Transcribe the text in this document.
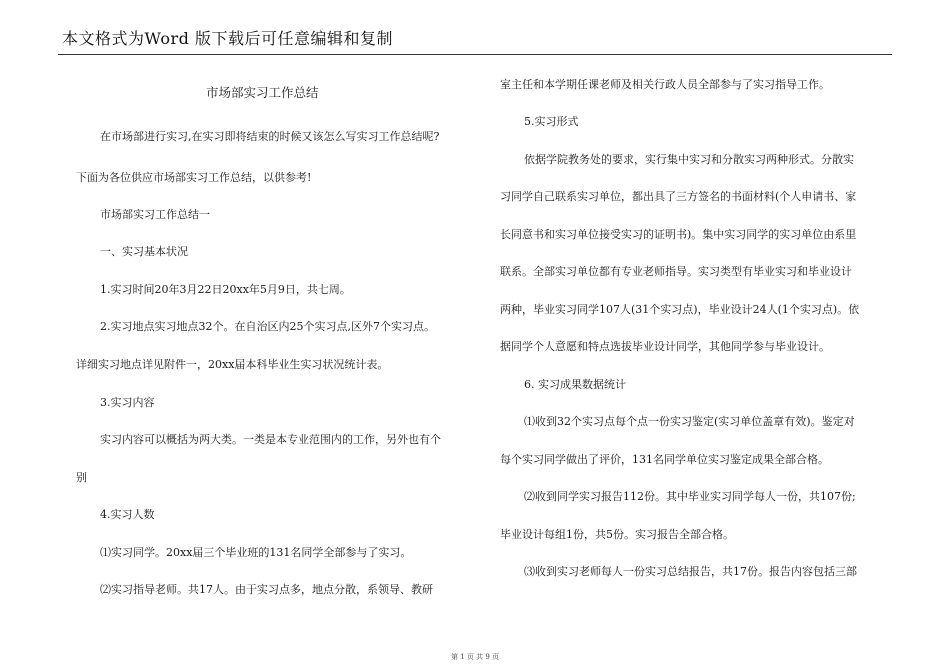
本文格式为Word 版下载后可任意编辑和复制

市场部实习工作总结

在市场部进行实习,在实习即将结束的时候又该怎么写实习工作总结呢?

下面为各位供应市场部实习工作总结，以供参考!

市场部实习工作总结一

一、实习基本状况

1.实习时间20年3月22日20xx年5月9日，共七周。

2.实习地点实习地点32个。在自治区内25个实习点,区外7个实习点。

详细实习地点详见附件一，20xx届本科毕业生实习状况统计表。

3.实习内容

实习内容可以概括为两大类。一类是本专业范围内的工作，另外也有个

别

4.实习人数

⑴实习同学。20xx届三个毕业班的131名同学全部参与了实习。

⑵实习指导老师。共17人。由于实习点多，地点分散，系领导、教研

室主任和本学期任课老师及相关行政人员全部参与了实习指导工作。

5.实习形式

依据学院教务处的要求，实行集中实习和分散实习两种形式。分散实

习同学自己联系实习单位，都出具了三方签名的书面材料(个人申请书、家

长同意书和实习单位接受实习的证明书)。集中实习同学的实习单位由系里

联系。全部实习单位都有专业老师指导。实习类型有毕业实习和毕业设计

两种，毕业实习同学107人(31个实习点)，毕业设计24人(1个实习点)。依

据同学个人意愿和特点选拔毕业设计同学，其他同学参与毕业设计。

6. 实习成果数据统计

⑴收到32个实习点每个点一份实习鉴定(实习单位盖章有效)。鉴定对

每个实习同学做出了评价，131名同学单位实习鉴定成果全部合格。

⑵收到同学实习报告112份。其中毕业实习同学每人一份，共107份;

毕业设计每组1份，共5份。实习报告全部合格。

⑶收到实习老师每人一份实习总结报告，共17份。报告内容包括三部

第 1 页 共 9 页
